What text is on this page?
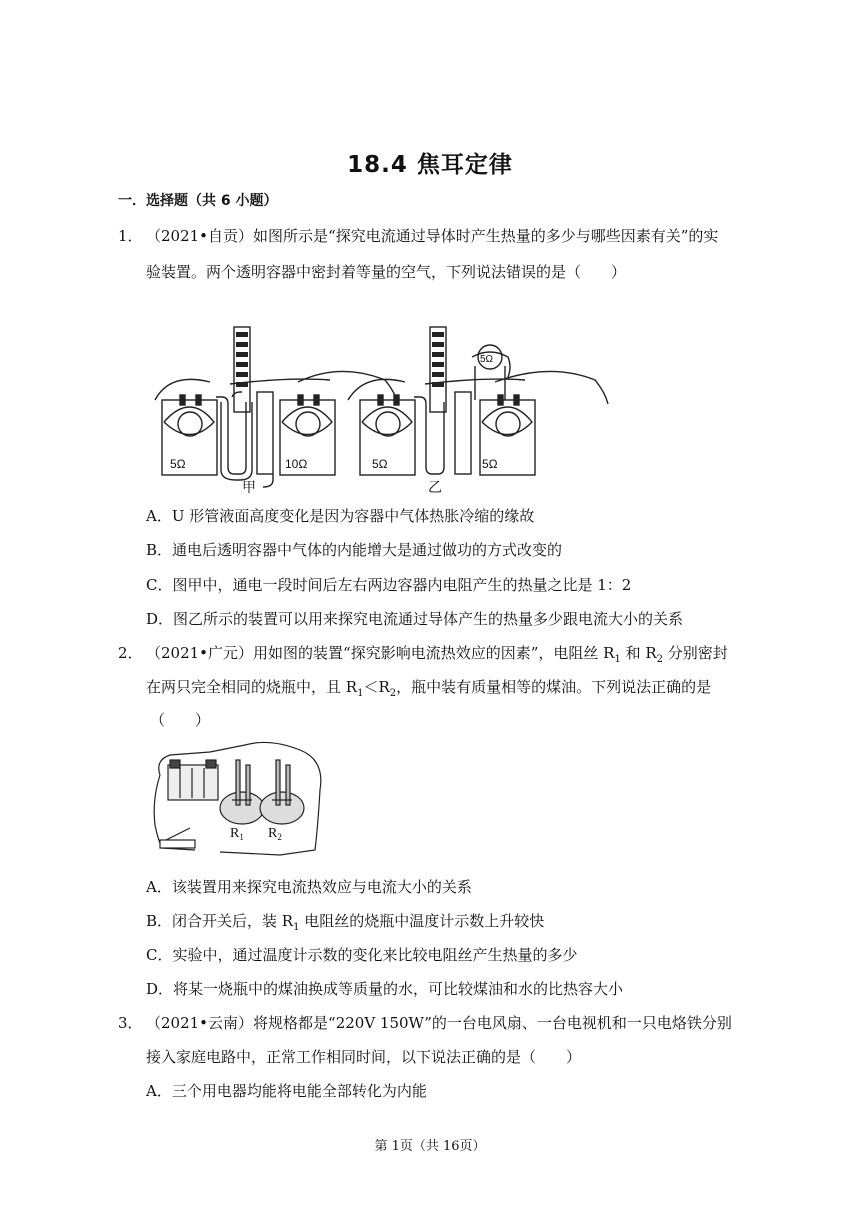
18.4 焦耳定律
一．选择题（共 6 小题）
1． （2021•自贡）如图所示是“探究电流通过导体时产生热量的多少与哪些因素有关”的实
验装置。两个透明容器中密封着等量的空气，下列说法错误的是（　　）
5Ω	10Ω	5Ω	5Ω
5Ω
甲	乙
A．U 形管液面高度变化是因为容器中气体热胀冷缩的缘故
B．通电后透明容器中气体的内能增大是通过做功的方式改变的
C．图甲中，通电一段时间后左右两边容器内电阻产生的热量之比是 1：2
D．图乙所示的装置可以用来探究电流通过导体产生的热量多少跟电流大小的关系
2． （2021•广元）用如图的装置“探究影响电流热效应的因素”，电阻丝 $R_1$ 和 $R_2$ 分别密封
在两只完全相同的烧瓶中，且 $R_1<R_2$，瓶中装有质量相等的煤油。下列说法正确的是
（　　）
$R_1$ $R_2$
A．该装置用来探究电流热效应与电流大小的关系
B．闭合开关后，装 $R_1$ 电阻丝的烧瓶中温度计示数上升较快
C．实验中，通过温度计示数的变化来比较电阻丝产生热量的多少
D．将某一烧瓶中的煤油换成等质量的水，可比较煤油和水的比热容大小
3． （2021•云南）将规格都是“220V 150W”的一台电风扇、一台电视机和一只电烙铁分别
接入家庭电路中，正常工作相同时间，以下说法正确的是（　　）
A．三个用电器均能将电能全部转化为内能
第 1页（共 16页）
